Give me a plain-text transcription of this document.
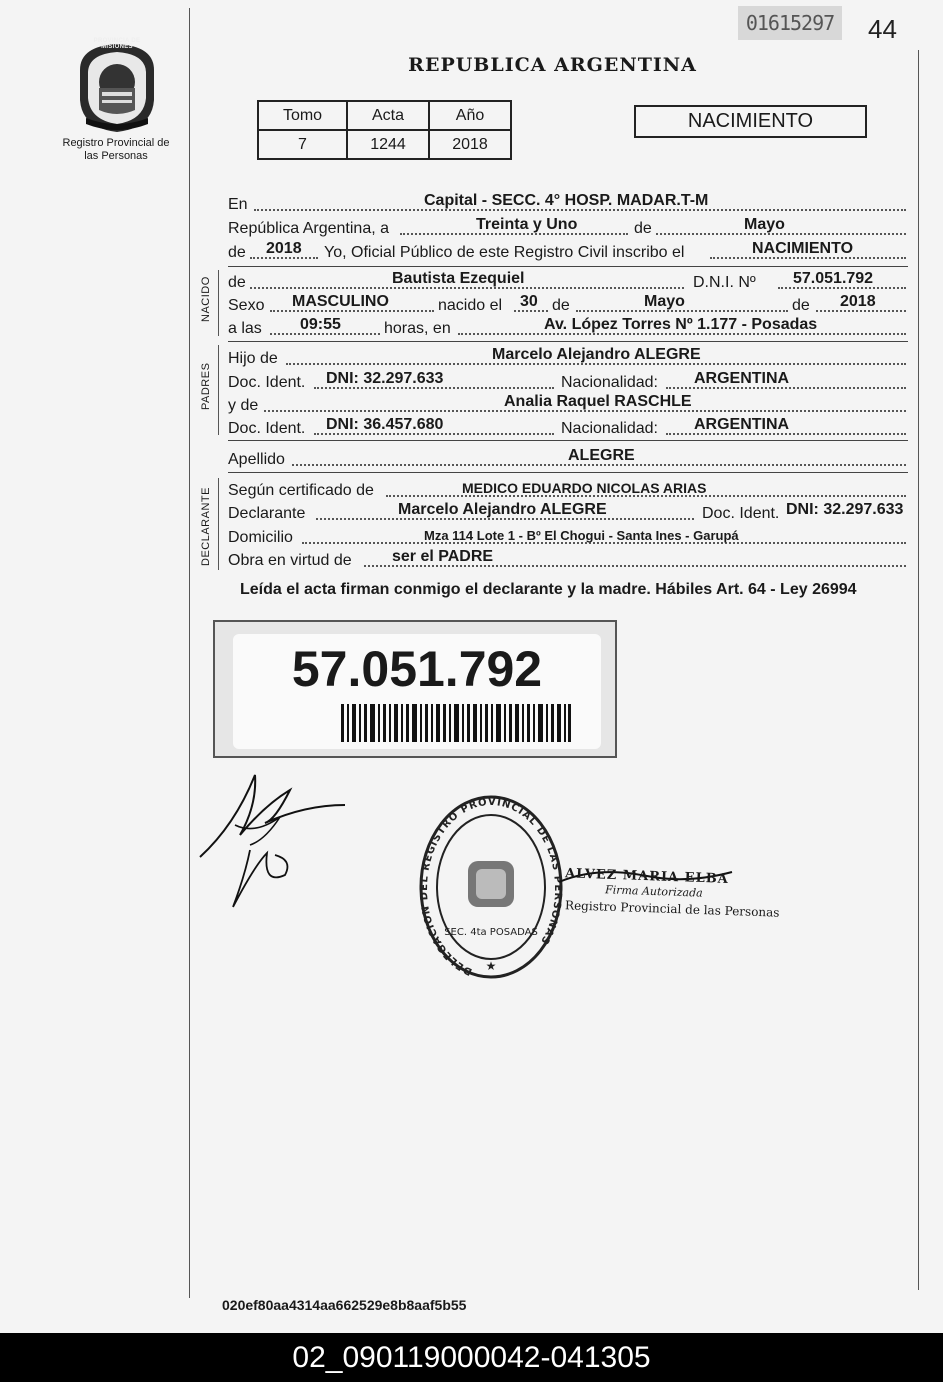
PROVINCIA DE MISIONES
Registro Provincial de las Personas
01615297	44
REPUBLICA ARGENTINA
Tomo	Acta	Año
7	1244	2018
NACIMIENTO
En	Capital - SECC. 4° HOSP. MADAR.T-M
República Argentina, a	Treinta y Uno	de	Mayo
de 2018 Yo, Oficial Público de este Registro Civil inscribo el	NACIMIENTO
NACIDO de	Bautista Ezequiel	D.N.I. Nº 57.051.792
Sexo MASCULINO	nacido el 30 de	Mayo	de 2018
a las 09:55	horas, en	Av. López Torres Nº 1.177 - Posadas
PADRES
Hijo de	Marcelo Alejandro ALEGRE
Doc. Ident. DNI: 32.297.633	Nacionalidad: ARGENTINA
y de	Analia Raquel RASCHLE
Doc. Ident. DNI: 36.457.680	Nacionalidad: ARGENTINA
Apellido	ALEGRE
DECLARANTE Según certificado de	MEDICO EDUARDO NICOLAS ARIAS
Declarante	Marcelo Alejandro ALEGRE	Doc. Ident. DNI: 32.297.633
Domicilio	Mza 114 Lote 1 - Bº El Chogui - Santa Ines - Garupá
Obra en virtud de	ser el PADRE
Leída el acta firman conmigo el declarante y la madre. Hábiles Art. 64 - Ley 26994
57.051.792
DELEGACION DEL REGISTRO PROVINCIAL DE LAS PERSONAS
SEC. 4ta POSADAS
★
ALVEZ MARIA ELBA
Firma Autorizada
Registro Provincial de las Personas
020ef80aa4314aa662529e8b8aaf5b55
02_090119000042-041305
